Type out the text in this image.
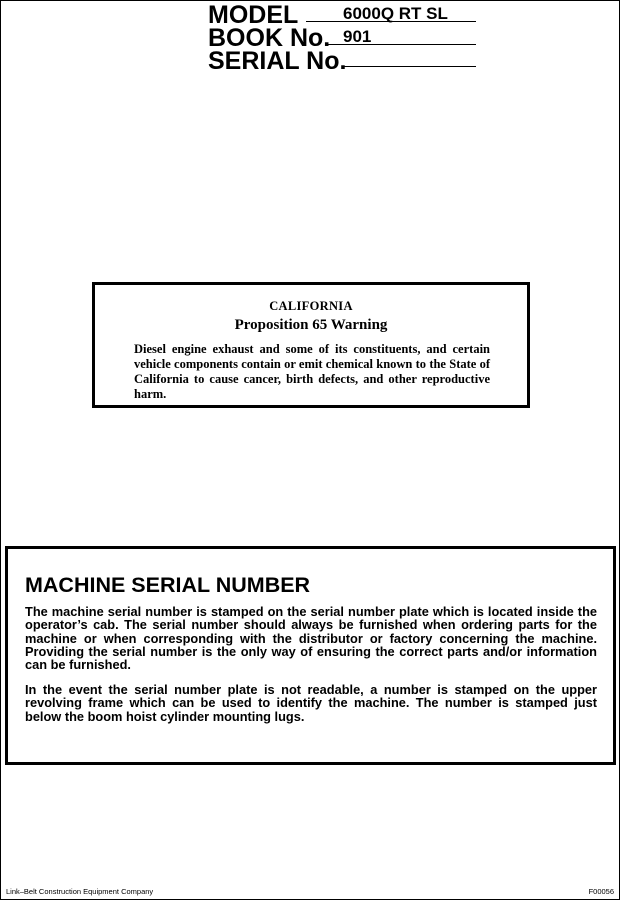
MODEL	6000Q RT SL
BOOK No. 901
SERIAL No.
CALIFORNIA
Proposition 65 Warning

Diesel engine exhaust and some of its constituents, and certain vehicle components contain or emit chemical known to the State of California to cause cancer, birth defects, and other reproductive harm.

MACHINE SERIAL NUMBER

The machine serial number is stamped on the serial number plate which is located inside the operator’s cab. The serial number should always be furnished when ordering parts for the machine or when corresponding with the distributor or factory concerning the machine. Providing the serial number is the only way of ensuring the correct parts and/or information can be furnished.

In the event the serial number plate is not readable, a number is stamped on the upper revolving frame which can be used to identify the machine. The number is stamped just below the boom hoist cylinder mounting lugs.

Link–Belt Construction Equipment Company	F00056
